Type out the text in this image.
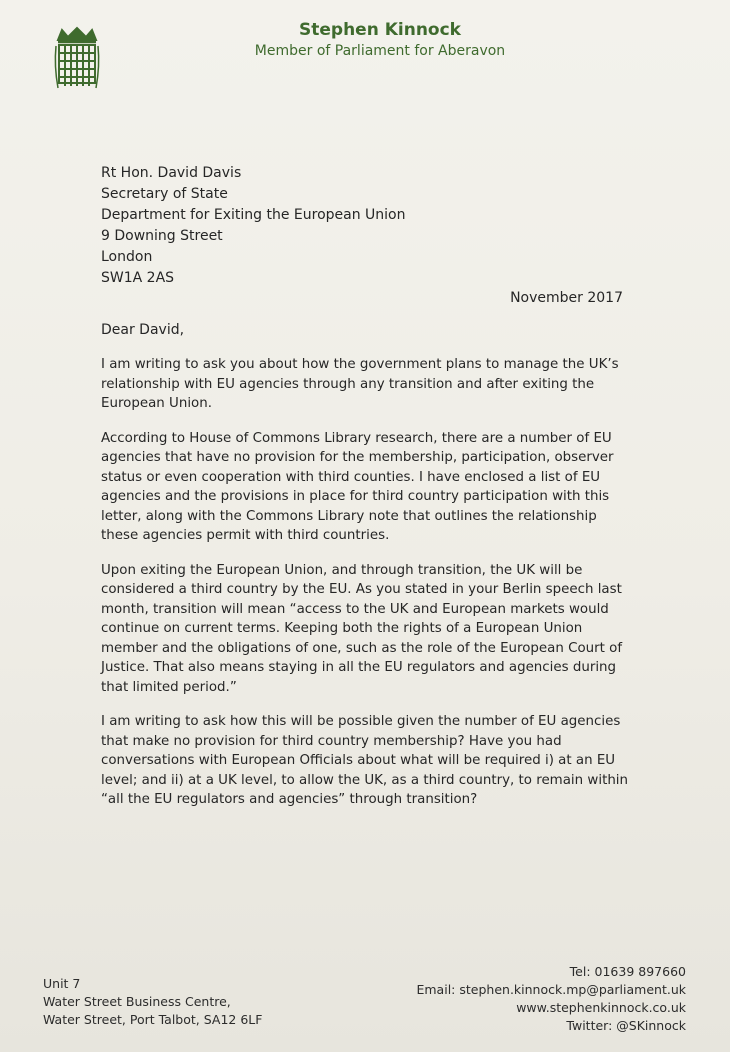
Stephen Kinnock
Member of Parliament for Aberavon
Rt Hon. David Davis
Secretary of State
Department for Exiting the European Union
9 Downing Street
London
SW1A 2AS
November 2017
Dear David,

I am writing to ask you about how the government plans to manage the UK’s relationship with EU agencies through any transition and after exiting the European Union.

According to House of Commons Library research, there are a number of EU agencies that have no provision for the membership, participation, observer status or even cooperation with third counties. I have enclosed a list of EU agencies and the provisions in place for third country participation with this letter, along with the Commons Library note that outlines the relationship these agencies permit with third countries.

Upon exiting the European Union, and through transition, the UK will be considered a third country by the EU. As you stated in your Berlin speech last month, transition will mean “access to the UK and European markets would continue on current terms. Keeping both the rights of a European Union member and the obligations of one, such as the role of the European Court of Justice. That also means staying in all the EU regulators and agencies during that limited period.”

I am writing to ask how this will be possible given the number of EU agencies that make no provision for third country membership? Have you had conversations with European Officials about what will be required i) at an EU level; and ii) at a UK level, to allow the UK, as a third country, to remain within “all the EU regulators and agencies” through transition?

Unit 7
Water Street Business Centre,
Water Street, Port Talbot, SA12 6LF
Tel: 01639 897660
Email: stephen.kinnock.mp@parliament.uk
www.stephenkinnock.co.uk
Twitter: @SKinnock
